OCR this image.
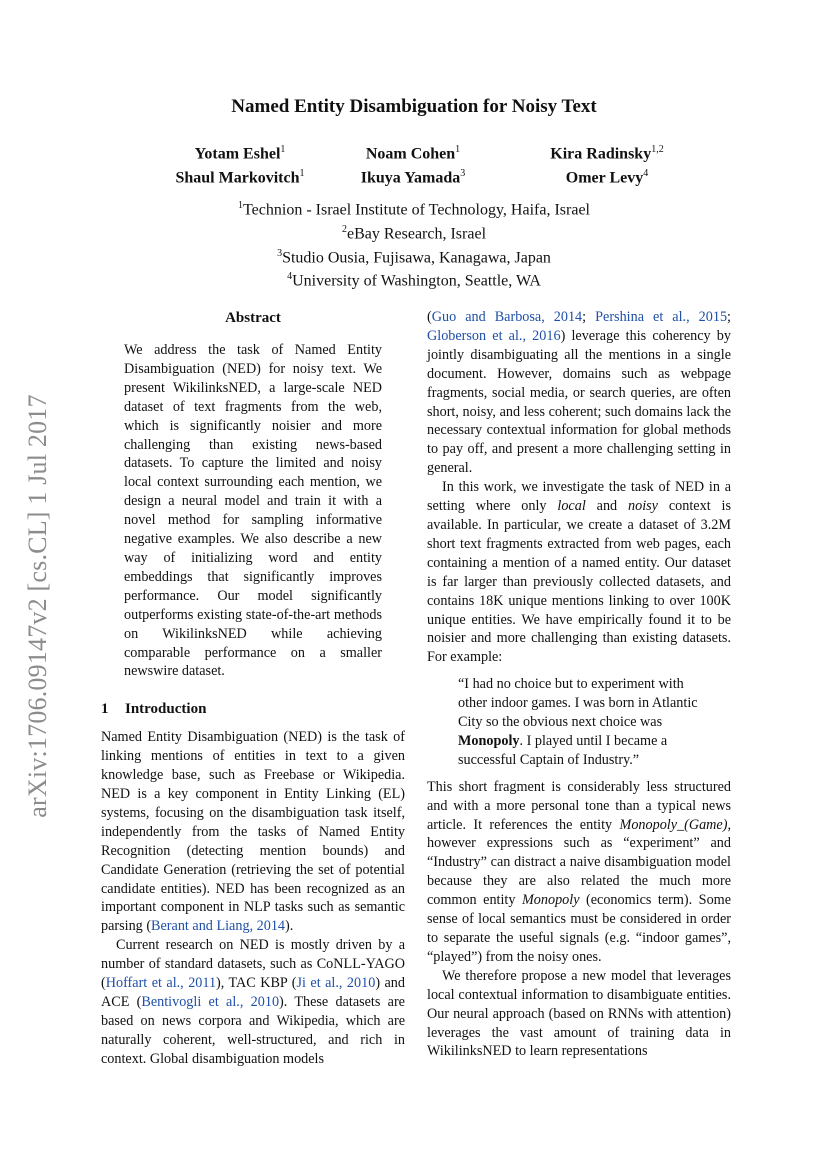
arXiv:1706.09147v2 [cs.CL] 1 Jul 2017
Named Entity Disambiguation for Noisy Text
Yotam Eshel$^1$
Shaul Markovitch$^1$
Noam Cohen$^1$
Ikuya Yamada$^3$
Kira Radinsky$^{1,2}$
Omer Levy$^4$
$^1$Technion - Israel Institute of Technology, Haifa, Israel
$^2$eBay Research, Israel
$^3$Studio Ousia, Fujisawa, Kanagawa, Japan
$^4$University of Washington, Seattle, WA
Abstract

We address the task of Named Entity Disambiguation (NED) for noisy text. We present WikilinksNED, a large-scale NED dataset of text fragments from the web, which is significantly noisier and more challenging than existing news-based datasets. To capture the limited and noisy local context surrounding each mention, we design a neural model and train it with a novel method for sampling informative negative examples. We also describe a new way of initializing word and entity embeddings that significantly improves performance. Our model significantly outperforms existing state-of-the-art methods on WikilinksNED while achieving comparable performance on a smaller newswire dataset.

1 Introduction

Named Entity Disambiguation (NED) is the task of linking mentions of entities in text to a given knowledge base, such as Freebase or Wikipedia. NED is a key component in Entity Linking (EL) systems, focusing on the disambiguation task itself, independently from the tasks of Named Entity Recognition (detecting mention bounds) and Candidate Generation (retrieving the set of potential candidate entities). NED has been recognized as an important component in NLP tasks such as semantic parsing (Berant and Liang, 2014).

Current research on NED is mostly driven by a number of standard datasets, such as CoNLL-YAGO (Hoffart et al., 2011), TAC KBP (Ji et al., 2010) and ACE (Bentivogli et al., 2010). These datasets are based on news corpora and Wikipedia, which are naturally coherent, well-structured, and rich in context. Global disambiguation models

(Guo and Barbosa, 2014; Pershina et al., 2015; Globerson et al., 2016) leverage this coherency by jointly disambiguating all the mentions in a single document. However, domains such as webpage fragments, social media, or search queries, are often short, noisy, and less coherent; such domains lack the necessary contextual information for global methods to pay off, and present a more challenging setting in general.

In this work, we investigate the task of NED in a setting where only local and noisy context is available. In particular, we create a dataset of 3.2M short text fragments extracted from web pages, each containing a mention of a named entity. Our dataset is far larger than previously collected datasets, and contains 18K unique mentions linking to over 100K unique entities. We have empirically found it to be noisier and more challenging than existing datasets. For example:

“I had no choice but to experiment with other indoor games. I was born in Atlantic City so the obvious next choice was Monopoly. I played until I became a successful Captain of Industry.”

This short fragment is considerably less structured and with a more personal tone than a typical news article. It references the entity Monopoly_(Game), however expressions such as “experiment” and “Industry” can distract a naive disambiguation model because they are also related the much more common entity Monopoly (economics term). Some sense of local semantics must be considered in order to separate the useful signals (e.g. “indoor games”, “played”) from the noisy ones.

We therefore propose a new model that leverages local contextual information to disambiguate entities. Our neural approach (based on RNNs with attention) leverages the vast amount of training data in WikilinksNED to learn representations
